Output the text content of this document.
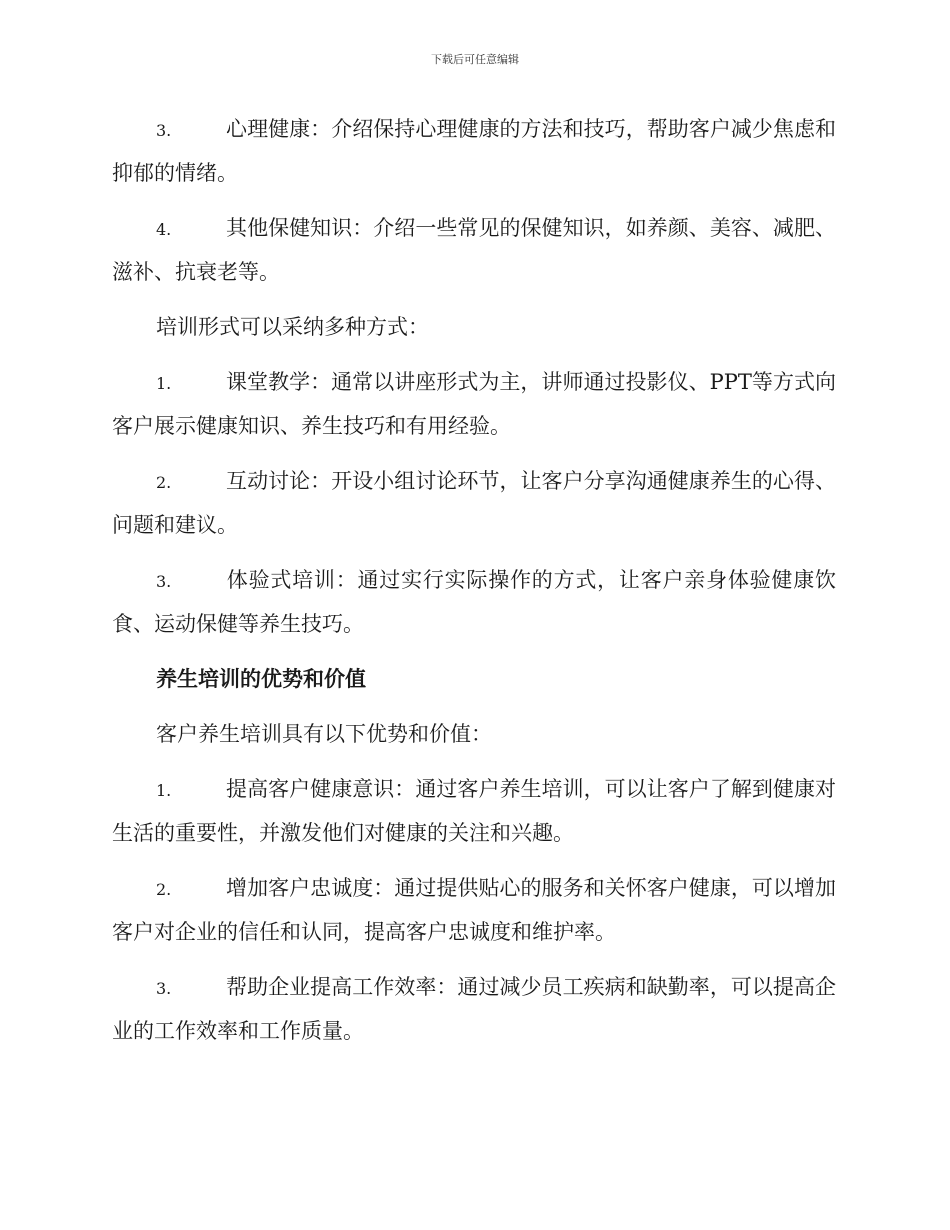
下载后可任意编辑

3.	心理健康：介绍保持心理健康的方法和技巧，帮助客户减少焦虑和抑郁的情绪。

4.	其他保健知识：介绍一些常见的保健知识，如养颜、美容、减肥、滋补、抗衰老等。

培训形式可以采纳多种方式：

1.	课堂教学：通常以讲座形式为主，讲师通过投影仪、PPT等方式向客户展示健康知识、养生技巧和有用经验。

2.	互动讨论：开设小组讨论环节，让客户分享沟通健康养生的心得、问题和建议。

3.	体验式培训：通过实行实际操作的方式，让客户亲身体验健康饮食、运动保健等养生技巧。

养生培训的优势和价值

客户养生培训具有以下优势和价值：

1.	提高客户健康意识：通过客户养生培训，可以让客户了解到健康对生活的重要性，并激发他们对健康的关注和兴趣。

2.	增加客户忠诚度：通过提供贴心的服务和关怀客户健康，可以增加客户对企业的信任和认同，提高客户忠诚度和维护率。

3.	帮助企业提高工作效率：通过减少员工疾病和缺勤率，可以提高企业的工作效率和工作质量。
